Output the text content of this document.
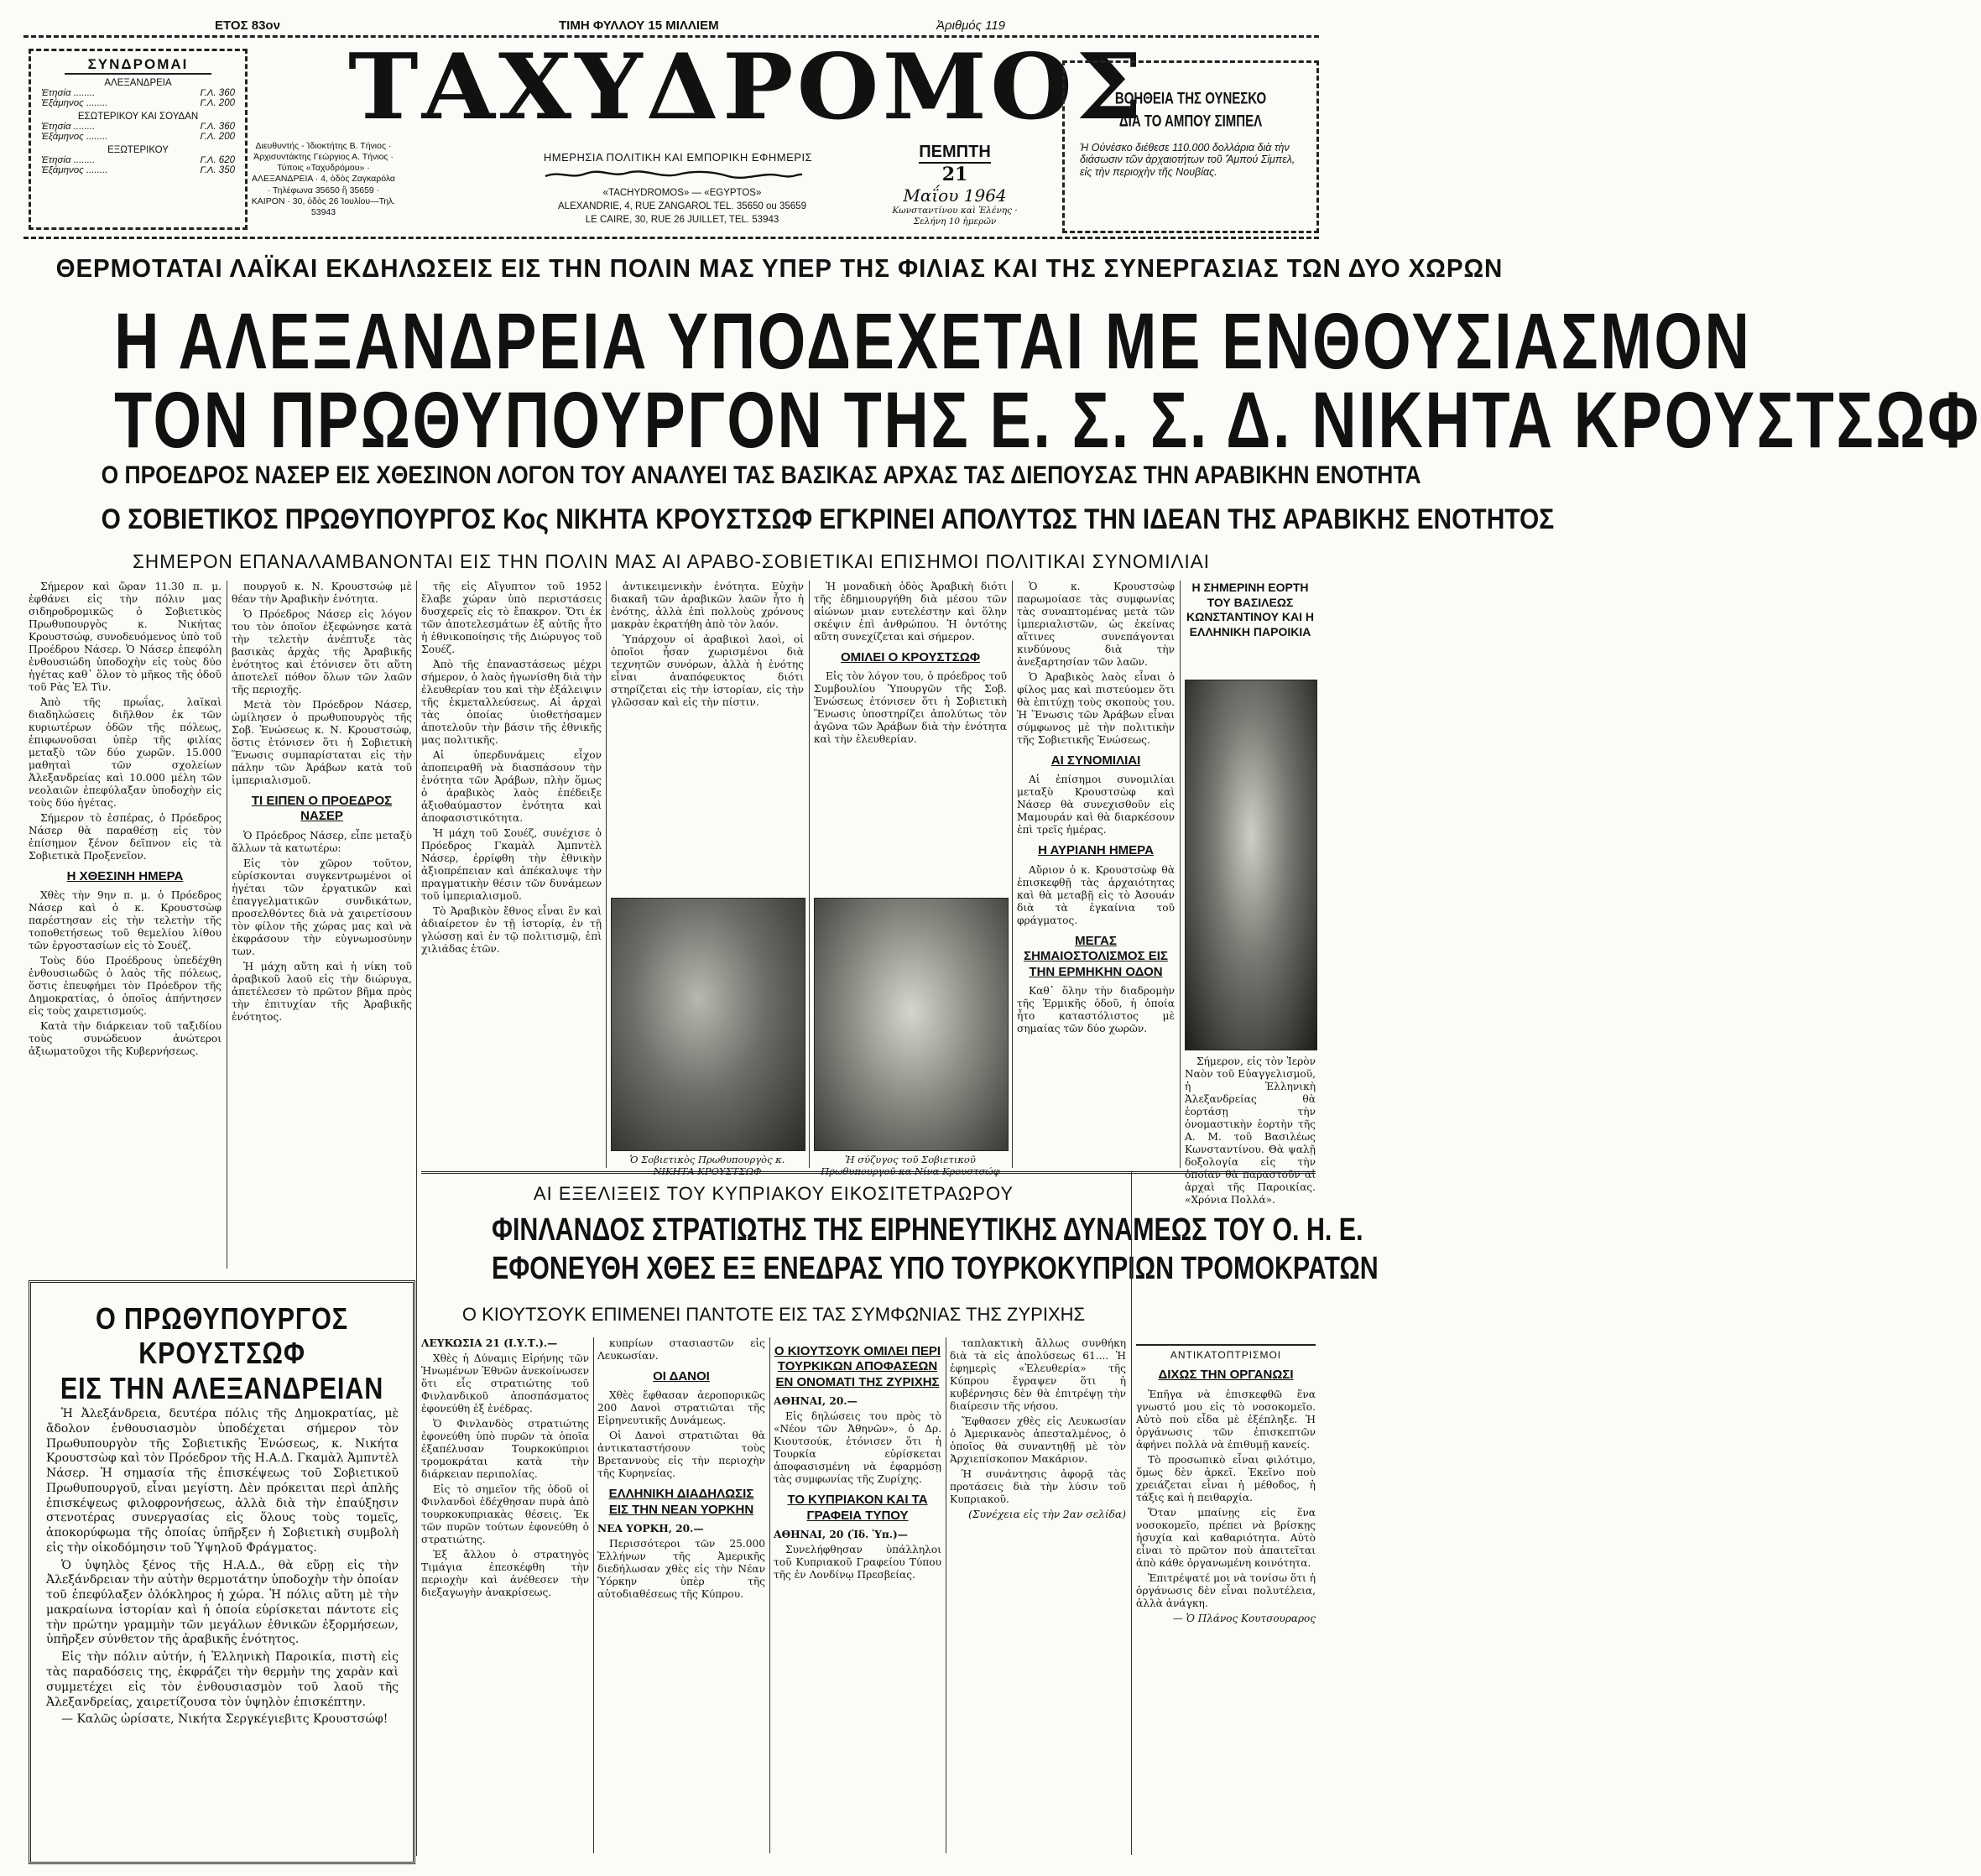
ΕΤΟΣ 83ον	ΤΙΜΗ ΦΥΛΛΟΥ 15 ΜΙΛΛΙΕΜ	Ἀριθμός 119
ΣΥΝΔΡΟΜΑΙ
ΑΛΕΞΑΝΔΡΕΙΑ
Ἐτησία ........	Γ.Λ. 360
Ἐξάμηνος ........	Γ.Λ. 200
ΕΣΩΤΕΡΙΚΟΥ ΚΑΙ ΣΟΥΔΑΝ
Ἐτησία ........	Γ.Λ. 360
Ἐξάμηνος ........	Γ.Λ. 200
ΕΞΩΤΕΡΙΚΟΥ
Ἐτησία ........	Γ.Λ. 620
Ἐξάμηνος ........	Γ.Λ. 350
Διευθυντής - Ἰδιοκτήτης Β. Τήνιος · Ἀρχισυντάκτης Γεώργιος Α. Τήνιος · Τύποις «Ταχυδρόμου» · ΑΛΕΞΑΝΔΡΕΙΑ · 4, ὁδὸς Ζαγκαρόλα · Τηλέφωνα 35650 ἢ 35659 · ΚΑΙΡΟΝ · 30, ὁδὸς 26 Ἰουλίου—Τηλ. 53943
ΤΑΧΥΔΡΟΜΟΣ
ΗΜΕΡΗΣΙΑ ΠΟΛΙΤΙΚΗ ΚΑΙ ΕΜΠΟΡΙΚΗ ΕΦΗΜΕΡΙΣ
«TACHYDROMOS» — «EGYPTOS»
ALEXANDRIE, 4, RUE ZANGAROL TEL. 35650 ou 35659
LE CAIRE, 30, RUE 26 JUILLET, TEL. 53943
ΠΕΜΠΤΗ
21
Μαΐου 1964
Κωνσταντίνου καὶ Ἑλένης · Σελήνη 10 ἡμερῶν
ΒΟΗΘΕΙΑ ΤΗΣ ΟΥΝΕΣΚΟ
ΔΙΑ ΤΟ ΑΜΠΟΥ ΣΙΜΠΕΛ
Ἡ Οὐνέσκο διέθεσε 110.000 δολλάρια διὰ τὴν διάσωσιν τῶν ἀρχαιοτήτων τοῦ Ἄμπού Σίμπελ, εἰς τὴν περιοχὴν τῆς Νουβίας.
ΘΕΡΜΟΤΑΤΑΙ ΛΑΪΚΑΙ ΕΚΔΗΛΩΣΕΙΣ ΕΙΣ ΤΗΝ ΠΟΛΙΝ ΜΑΣ ΥΠΕΡ ΤΗΣ ΦΙΛΙΑΣ ΚΑΙ ΤΗΣ ΣΥΝΕΡΓΑΣΙΑΣ ΤΩΝ ΔΥΟ ΧΩΡΩΝ
Η ΑΛΕΞΑΝΔΡΕΙΑ ΥΠΟΔΕΧΕΤΑΙ ΜΕ ΕΝΘΟΥΣΙΑΣΜΟΝ
ΤΟΝ ΠΡΩΘΥΠΟΥΡΓΟΝ ΤΗΣ Ε. Σ. Σ. Δ. ΝΙΚΗΤΑ ΚΡΟΥΣΤΣΩΦ
Ο ΠΡΟΕΔΡΟΣ ΝΑΣΕΡ ΕΙΣ ΧΘΕΣΙΝΟΝ ΛΟΓΟΝ ΤΟΥ ΑΝΑΛΥΕΙ ΤΑΣ ΒΑΣΙΚΑΣ ΑΡΧΑΣ ΤΑΣ ΔΙΕΠΟΥΣΑΣ ΤΗΝ ΑΡΑΒΙΚΗΝ ΕΝΟΤΗΤΑ
Ο ΣΟΒΙΕΤΙΚΟΣ ΠΡΩΘΥΠΟΥΡΓΟΣ Κος ΝΙΚΗΤΑ ΚΡΟΥΣΤΣΩΦ ΕΓΚΡΙΝΕΙ ΑΠΟΛΥΤΩΣ ΤΗΝ ΙΔΕΑΝ ΤΗΣ ΑΡΑΒΙΚΗΣ ΕΝΟΤΗΤΟΣ
ΣΗΜΕΡΟΝ ΕΠΑΝΑΛΑΜΒΑΝΟΝΤΑΙ ΕΙΣ ΤΗΝ ΠΟΛΙΝ ΜΑΣ ΑΙ ΑΡΑΒΟ-ΣΟΒΙΕΤΙΚΑΙ ΕΠΙΣΗΜΟΙ ΠΟΛΙΤΙΚΑΙ ΣΥΝΟΜΙΛΙΑΙ

Σήμερον καὶ ὥραν 11.30 π. μ. ἐφθάνει εἰς τὴν πόλιν μας σιδηροδρομικῶς ὁ Σοβιετικὸς Πρωθυπουργὸς κ. Νικήτας Κρουστσώφ, συνοδευόμενος ὑπὸ τοῦ Προέδρου Νάσερ. Ὁ Νάσερ ἐπεφόλη ἐνθουσιώδη ὑποδοχὴν εἰς τοὺς δύο ἡγέτας καθ᾽ ὅλον τὸ μῆκος τῆς ὁδοῦ τοῦ Ρὰς Ἐλ Τὶν.

Ἀπὸ τῆς πρωΐας, λαϊκαὶ διαδηλώσεις διῆλθον ἐκ τῶν κυριωτέρων ὁδῶν τῆς πόλεως, ἐπιφωνοῦσαι ὑπὲρ τῆς φιλίας μεταξὺ τῶν δύο χωρῶν. 15.000 μαθηταὶ τῶν σχολείων Ἀλεξανδρείας καὶ 10.000 μέλη τῶν νεολαιῶν ἐπεφύλαξαν ὑποδοχὴν εἰς τοὺς δύο ἡγέτας.

Σήμερον τὸ ἑσπέρας, ὁ Πρόεδρος Νάσερ θὰ παραθέσῃ εἰς τὸν ἐπίσημον ξένον δεῖπνον εἰς τὰ Σοβιετικὰ Προξενεῖον.

Η ΧΘΕΣΙΝΗ ΗΜΕΡΑ

Χθὲς τὴν 9ην π. μ. ὁ Πρόεδρος Νάσερ καὶ ὁ κ. Κρουστσὼφ παρέστησαν εἰς τὴν τελετὴν τῆς τοποθετήσεως τοῦ θεμελίου λίθου τῶν ἐργοστασίων εἰς τὸ Σουέζ.

Τοὺς δύο Προέδρους ὑπεδέχθη ἐνθουσιωδῶς ὁ λαὸς τῆς πόλεως, ὅστις ἐπευφήμει τὸν Πρόεδρον τῆς Δημοκρατίας, ὁ ὁποῖος ἀπήντησεν εἰς τοὺς χαιρετισμούς.

Κατὰ τὴν διάρκειαν τοῦ ταξιδίου τοὺς συνώδευον ἀνώτεροι ἀξιωματοῦχοι τῆς Κυβερνήσεως.

πουργοῦ κ. Ν. Κρουστσώφ μὲ θέαν τὴν Ἀραβικὴν ἑνότητα.

Ὁ Πρόεδρος Νάσερ εἰς λόγον του τὸν ὁποῖον ἐξεφώνησε κατὰ τὴν τελετὴν ἀνέπτυξε τὰς βασικὰς ἀρχὰς τῆς Ἀραβικῆς ἑνότητος καὶ ἐτόνισεν ὅτι αὕτη ἀποτελεῖ πόθον ὅλων τῶν λαῶν τῆς περιοχῆς.

Μετὰ τὸν Πρόεδρον Νάσερ, ὡμίλησεν ὁ πρωθυπουργὸς τῆς Σοβ. Ἑνώσεως κ. Ν. Κρουστσώφ, ὅστις ἐτόνισεν ὅτι ἡ Σοβιετικὴ Ἕνωσις συμπαρίσταται εἰς τὴν πάλην τῶν Ἀράβων κατὰ τοῦ ἰμπεριαλισμοῦ.

ΤΙ ΕΙΠΕΝ Ο ΠΡΟΕΔΡΟΣ ΝΑΣΕΡ

Ὁ Πρόεδρος Νάσερ, εἶπε μεταξὺ ἄλλων τὰ κατωτέρω:

Εἰς τὸν χῶρον τοῦτον, εὑρίσκονται συγκεντρωμένοι οἱ ἡγέται τῶν ἐργατικῶν καὶ ἐπαγγελματικῶν συνδικάτων, προσελθόντες διὰ νὰ χαιρετίσουν τὸν φίλον τῆς χώρας μας καὶ νὰ ἐκφράσουν τὴν εὐγνωμοσύνην των.

Ἡ μάχη αὕτη καὶ ἡ νίκη τοῦ ἀραβικοῦ λαοῦ εἰς τὴν διώρυγα, ἀπετέλεσεν τὸ πρῶτον βῆμα πρὸς τὴν ἐπιτυχίαν τῆς Ἀραβικῆς ἑνότητος.

τῆς εἰς Αἴγυπτον τοῦ 1952 ἔλαβε χώραν ὑπὸ περιστάσεις δυσχερεῖς εἰς τὸ ἔπακρον. Ὅτι ἐκ τῶν ἀποτελεσμάτων ἐξ αὐτῆς ἦτο ἡ ἐθνικοποίησις τῆς Διώρυγος τοῦ Σουέζ.

Ἀπὸ τῆς ἐπαναστάσεως μέχρι σήμερον, ὁ λαὸς ἠγωνίσθη διὰ τὴν ἐλευθερίαν του καὶ τὴν ἐξάλειψιν τῆς ἐκμεταλλεύσεως. Αἱ ἀρχαὶ τὰς ὁποίας ὑιοθετήσαμεν ἀποτελοῦν τὴν βάσιν τῆς ἐθνικῆς μας πολιτικῆς.

Αἱ ὑπερδυνάμεις εἶχον ἀποπειραθῆ νὰ διασπάσουν τὴν ἑνότητα τῶν Ἀράβων, πλὴν ὅμως ὁ ἀραβικὸς λαὸς ἐπέδειξε ἀξιοθαύμαστον ἐνότητα καὶ ἀποφασιστικότητα.

Ἡ μάχη τοῦ Σουέζ, συνέχισε ὁ Πρόεδρος Γκαμὰλ Ἀμπντὲλ Νάσερ, ἐρρίφθη τὴν ἐθνικὴν ἀξιοπρέπειαν καὶ ἀπέκαλυψε τὴν πραγματικὴν θέσιν τῶν δυνάμεων τοῦ ἰμπεριαλισμοῦ.

Τὸ Ἀραβικὸν ἔθνος εἶναι ἓν καὶ ἀδιαίρετον ἐν τῇ ἱστορίᾳ, ἐν τῇ γλώσσῃ καὶ ἐν τῷ πολιτισμῷ, ἐπὶ χιλιάδας ἐτῶν.

ἀντικειμενικὴν ἐνότητα. Εὐχὴν διακαῆ τῶν ἀραβικῶν λαῶν ἦτο ἡ ἑνότης, ἀλλὰ ἐπὶ πολλοὺς χρόνους μακρὰν ἐκρατήθη ἀπὸ τὸν λαόν.

Ὑπάρχουν οἱ ἀραβικοὶ λαοὶ, οἱ ὁποῖοι ἦσαν χωρισμένοι διὰ τεχνητῶν συνόρων, ἀλλὰ ἡ ἑνότης εἶναι ἀναπόφευκτος διότι στηρίζεται εἰς τὴν ἱστορίαν, εἰς τὴν γλῶσσαν καὶ εἰς τὴν πίστιν.

Ἡ μοναδικὴ ὁδὸς Ἀραβικὴ διότι τῆς ἐδημιουργήθη διὰ μέσου τῶν αἰώνων μιαν ευτελέστην καὶ ὅλην σκέψιν ἐπὶ ἀνθρώπου. Ἡ ὁντότης αὕτη συνεχίζεται καὶ σήμερον.

ΟΜΙΛΕΙ Ο ΚΡΟΥΣΤΣΩΦ

Εἰς τὸν λόγον του, ὁ πρόεδρος τοῦ Συμβουλίου Ὑπουργῶν τῆς Σοβ. Ἑνώσεως ἐτόνισεν ὅτι ἡ Σοβιετικὴ Ἕνωσις ὑποστηρίζει ἀπολύτως τὸν ἀγῶνα τῶν Ἀράβων διὰ τὴν ἑνότητα καὶ τὴν ἐλευθερίαν.

Ὁ Σοβιετικὸς Πρωθυπουργὸς κ. ΝΙΚΗΤΑ ΚΡΟΥΣΤΣΩΦ
Ἡ σύζυγος τοῦ Σοβιετικοῦ Πρωθυπουργοῦ κα Νίνα Κρουστσώφ

Ὁ κ. Κρουστσὼφ παρωμοίασε τὰς συμφωνίας τὰς συναπτομένας μετὰ τῶν ἰμπεριαλιστῶν, ὡς ἐκείνας αἵτινες συνεπάγονται κινδύνους διὰ τὴν ἀνεξαρτησίαν τῶν λαῶν.

Ὁ Ἀραβικὸς λαὸς εἶναι ὁ φίλος μας καὶ πιστεύομεν ὅτι θὰ ἐπιτύχῃ τοὺς σκοποὺς του. Ἡ Ἕνωσις τῶν Ἀράβων εἶναι σύμφωνος μὲ τὴν πολιτικὴν τῆς Σοβιετικῆς Ἑνώσεως.

ΑΙ ΣΥΝΟΜΙΛΙΑΙ

Αἱ ἐπίσημοι συνομιλίαι μεταξὺ Κρουστσὼφ καὶ Νάσερ θὰ συνεχισθοῦν εἰς Μαμουράν καὶ θὰ διαρκέσουν ἐπὶ τρεῖς ἡμέρας.

Η ΑΥΡΙΑΝΗ ΗΜΕΡΑ

Αὔριον ὁ κ. Κρουστσὼφ θὰ ἐπισκεφθῇ τὰς ἀρχαιότητας καὶ θὰ μεταβῇ εἰς τὸ Ἀσουάν διὰ τὰ ἐγκαίνια τοῦ φράγματος.

ΜΕΓΑΣ ΣΗΜΑΙΟΣΤΟΛΙΣΜΟΣ ΕΙΣ ΤΗΝ ΕΡΜΗΚΗΝ ΟΔΟΝ

Καθ᾽ ὅλην τὴν διαδρομὴν τῆς Ἑρμικῆς ὁδοῦ, ἡ ὁποία ἦτο καταστόλιστος μὲ σημαίας τῶν δύο χωρῶν.

Η ΣΗΜΕΡΙΝΗ ΕΟΡΤΗ ΤΟΥ ΒΑΣΙΛΕΩΣ ΚΩΝΣΤΑΝΤΙΝΟΥ ΚΑΙ Η ΕΛΛΗΝΙΚΗ ΠΑΡΟΙΚΙΑ

Σήμερον, εἰς τὸν Ἱερὸν Ναὸν τοῦ Εὐαγγελισμοῦ, ἡ Ἑλληνικὴ Ἀλεξανδρείας θὰ ἑορτάσῃ τὴν ὀνομαστικὴν ἑορτὴν τῆς Α. Μ. τοῦ Βασιλέως Κωνσταντίνου. Θὰ ψαλῇ δοξολογία εἰς τὴν ὁποίαν θὰ παραστοῦν αἱ ἀρχαὶ τῆς Παροικίας. «Χρόνια Πολλά».

Ο ΠΡΩΘΥΠΟΥΡΓΟΣ ΚΡΟΥΣΤΣΩΦ
ΕΙΣ ΤΗΝ ΑΛΕΞΑΝΔΡΕΙΑΝ

Ἡ Ἀλεξάνδρεια, δευτέρα πόλις τῆς Δημοκρατίας, μὲ ἄδολον ἐνθουσιασμὸν ὑποδέχεται σήμερον τὸν Πρωθυπουργὸν τῆς Σοβιετικῆς Ἑνώσεως, κ. Νικήτα Κρουστσὼφ καὶ τὸν Πρόεδρον τῆς Η.Α.Δ. Γκαμὰλ Ἀμπντὲλ Νάσερ. Ἡ σημασία τῆς ἐπισκέψεως τοῦ Σοβιετικοῦ Πρωθυπουργοῦ, εἶναι μεγίστη. Δὲν πρόκειται περὶ ἁπλῆς ἐπισκέψεως φιλοφρονήσεως, ἀλλὰ διὰ τὴν ἐπαύξησιν στενοτέρας συνεργασίας εἰς ὅλους τοὺς τομεῖς, ἀποκορύφωμα τῆς ὁποίας ὑπῆρξεν ἡ Σοβιετικὴ συμβολὴ εἰς τὴν οἰκοδόμησιν τοῦ Ὑψηλοῦ Φράγματος.

Ὁ ὑψηλὸς ξένος τῆς Η.Α.Δ., θὰ εὕρῃ εἰς τὴν Ἀλεξάνδρειαν τὴν αὐτὴν θερμοτάτην ὑποδοχὴν τὴν ὁποίαν τοῦ ἐπεφύλαξεν ὁλόκληρος ἡ χώρα. Ἡ πόλις αὕτη μὲ τὴν μακραίωνα ἱστορίαν καὶ ἡ ὁποία εὑρίσκεται πάντοτε εἰς τὴν πρώτην γραμμὴν τῶν μεγάλων ἐθνικῶν ἐξορμήσεων, ὑπῆρξεν σύνθετον τῆς ἀραβικῆς ἑνότητος.

Εἰς τὴν πόλιν αὐτήν, ἡ Ἑλληνικὴ Παροικία, πιστὴ εἰς τὰς παραδόσεις της, ἐκφράζει τὴν θερμὴν της χαρὰν καὶ συμμετέχει εἰς τὸν ἐνθουσιασμὸν τοῦ λαοῦ τῆς Ἀλεξανδρείας, χαιρετίζουσα τὸν ὑψηλὸν ἐπισκέπτην.

— Καλῶς ὡρίσατε, Νικήτα Σεργκέγιεβιτς Κρουστσώφ!

ΑΙ ΕΞΕΛΙΞΕΙΣ ΤΟΥ ΚΥΠΡΙΑΚΟΥ ΕΙΚΟΣΙΤΕΤΡΑΩΡΟΥ
ΦΙΝΛΑΝΔΟΣ ΣΤΡΑΤΙΩΤΗΣ ΤΗΣ ΕΙΡΗΝΕΥΤΙΚΗΣ ΔΥΝΑΜΕΩΣ ΤΟΥ Ο. Η. Ε.
ΕΦΟΝΕΥΘΗ ΧΘΕΣ ΕΞ ΕΝΕΔΡΑΣ ΥΠΟ ΤΟΥΡΚΟΚΥΠΡΙΩΝ ΤΡΟΜΟΚΡΑΤΩΝ
Ο ΚΙΟΥΤΣΟΥΚ ΕΠΙΜΕΝΕΙ ΠΑΝΤΟΤΕ ΕΙΣ ΤΑΣ ΣΥΜΦΩΝΙΑΣ ΤΗΣ ΖΥΡΙΧΗΣ

ΛΕΥΚΩΣΙΑ 21 (Ι.Υ.Τ.).—

Χθὲς ἡ Δύναμις Εἰρήνης τῶν Ἡνωμένων Ἐθνῶν ἀνεκοίνωσεν ὅτι εἷς στρατιώτης τοῦ Φινλανδικοῦ ἀποσπάσματος ἐφονεύθη ἐξ ἐνέδρας.

Ὁ Φινλανδὸς στρατιώτης ἐφονεύθη ὑπὸ πυρῶν τὰ ὁποῖα ἐξαπέλυσαν Τουρκοκύπριοι τρομοκράται κατὰ τὴν διάρκειαν περιπολίας.

Εἰς τὸ σημεῖον τῆς ὁδοῦ οἱ Φινλανδοὶ ἐδέχθησαν πυρὰ ἀπὸ τουρκοκυπριακὰς θέσεις. Ἐκ τῶν πυρῶν τούτων ἐφονεύθη ὁ στρατιώτης.

Ἐξ ἄλλου ὁ στρατηγὸς Τιμάγια ἐπεσκέφθη τὴν περιοχὴν καὶ ἀνέθεσεν τὴν διεξαγωγὴν ἀνακρίσεως.

κυπρίων στασιαστῶν εἰς Λευκωσίαν.

ΟΙ ΔΑΝΟΙ

Χθὲς ἔφθασαν ἀεροπορικῶς 200 Δανοὶ στρατιῶται τῆς Εἰρηνευτικῆς Δυνάμεως.

Οἱ Δανοὶ στρατιῶται θὰ ἀντικαταστήσουν τοὺς Βρεταννοὺς εἰς τὴν περιοχὴν τῆς Κυρηνείας.

ΕΛΛΗΝΙΚΗ ΔΙΑΔΗΛΩΣΙΣ ΕΙΣ ΤΗΝ ΝΕΑΝ ΥΟΡΚΗΝ

ΝΕΑ ΥΟΡΚΗ, 20.—

Περισσότεροι τῶν 25.000 Ἑλλήνων τῆς Ἀμερικῆς διεδήλωσαν χθὲς εἰς τὴν Νέαν Ὑόρκην ὑπὲρ τῆς αὐτοδιαθέσεως τῆς Κύπρου.

Ο ΚΙΟΥΤΣΟΥΚ ΟΜΙΛΕΙ ΠΕΡΙ ΤΟΥΡΚΙΚΩΝ ΑΠΟΦΑΣΕΩΝ ΕΝ ΟΝΟΜΑΤΙ ΤΗΣ ΖΥΡΙΧΗΣ

ΑΘΗΝΑΙ, 20.—

Εἰς δηλώσεις του πρὸς τὸ «Νέον τῶν Ἀθηνῶν», ὁ Δρ. Κιουτσούκ, ἐτόνισεν ὅτι ἡ Τουρκία εὑρίσκεται ἀποφασισμένη νὰ ἐφαρμόσῃ τὰς συμφωνίας τῆς Ζυρίχης.

ΤΟ ΚΥΠΡΙΑΚΟΝ ΚΑΙ ΤΑ ΓΡΑΦΕΙΑ ΤΥΠΟΥ

ΑΘΗΝΑΙ, 20 (Ἰδ. Ὑπ.)—

Συνελήφθησαν ὑπάλληλοι τοῦ Κυπριακοῦ Γραφείου Τύπου τῆς ἐν Λονδίνῳ Πρεσβείας.

ταπλακτικὴ ἄλλως συνθήκη διὰ τὰ εἰς ἀπολύσεως 61.... Ἡ ἐφημερὶς «Ἐλευθερία» τῆς Κύπρου ἔγραψεν ὅτι ἡ κυβέρνησις δὲν θὰ ἐπιτρέψῃ τὴν διαίρεσιν τῆς νήσου.

Ἔφθασεν χθὲς εἰς Λευκωσίαν ὁ Ἀμερικανὸς ἀπεσταλμένος, ὁ ὁποῖος θὰ συναντηθῇ μὲ τὸν Ἀρχιεπίσκοπον Μακάριον.

Ἡ συνάντησις ἀφορᾷ τὰς προτάσεις διὰ τὴν λύσιν τοῦ Κυπριακοῦ.

(Συνέχεια εἰς τὴν 2αν σελίδα)

ΑΝΤΙΚΑΤΟΠΤΡΙΣΜΟΙ
ΔΙΧΩΣ ΤΗΝ ΟΡΓΑΝΩΣΙ

Ἐπῆγα νὰ ἐπισκεφθῶ ἕνα γνωστό μου εἰς τὸ νοσοκομεῖο. Αὐτὸ ποὺ εἶδα μὲ ἐξέπληξε. Ἡ ὀργάνωσις τῶν ἐπισκεπτῶν ἀφήνει πολλὰ νὰ ἐπιθυμῇ κανείς.

Τὸ προσωπικὸ εἶναι φιλότιμο, ὅμως δὲν ἀρκεῖ. Ἐκεῖνο ποὺ χρειάζεται εἶναι ἡ μέθοδος, ἡ τάξις καὶ ἡ πειθαρχία.

Ὅταν μπαίνῃς εἰς ἕνα νοσοκομεῖο, πρέπει νὰ βρίσκῃς ἡσυχία καὶ καθαριότητα. Αὐτὸ εἶναι τὸ πρῶτον ποὺ ἀπαιτεῖται ἀπὸ κάθε ὀργανωμένη κοινότητα.

Ἐπιτρέψατέ μοι νὰ τονίσω ὅτι ἡ ὀργάνωσις δὲν εἶναι πολυτέλεια, ἀλλὰ ἀνάγκη.

— Ὁ Πλάνος Κουτσουραρος
